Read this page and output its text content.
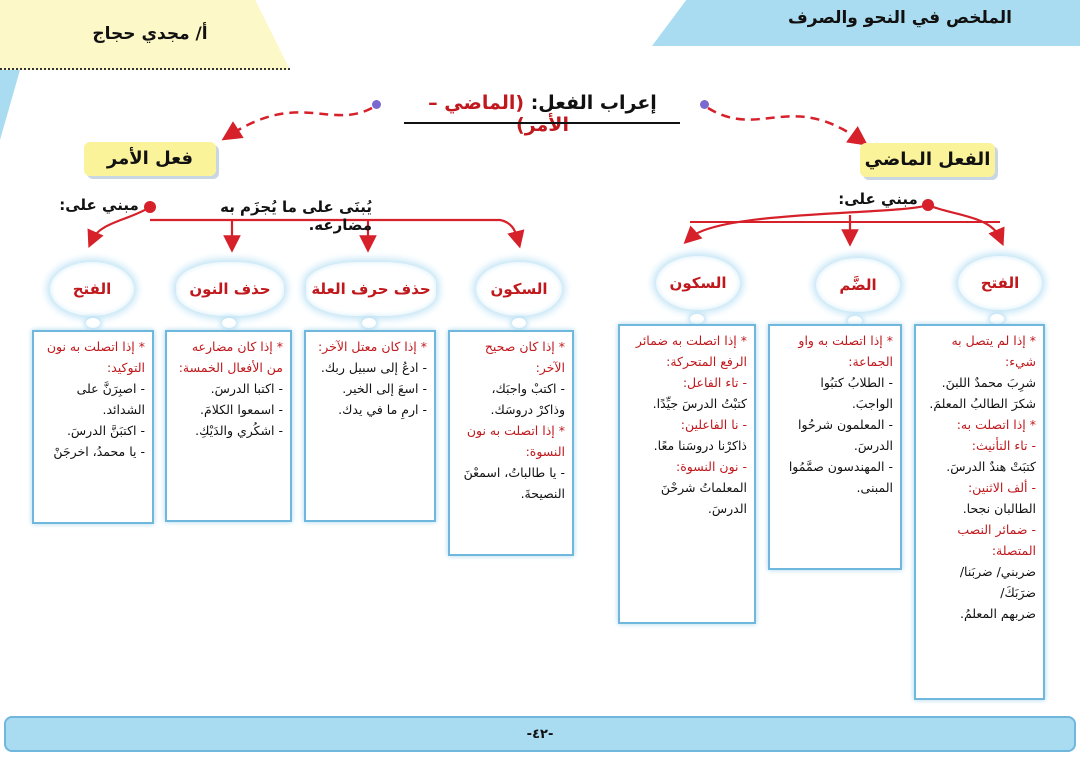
الملخص في النحو والصرف
أ/ مجدي حجاج
إعراب الفعل: (الماضي – الأمر)
الفعل الماضي
فعل الأمر
مبني على:
يُبنَى على ما يُجزَم به مضارعه.
مبني على:
الفتح
الضَّم
السكون
السكون
حذف حرف العلة
حذف النون
الفتح
* إذا لم يتصل به شيء:
شرِبَ محمدٌ اللبنَ.
شكرَ الطالبُ المعلمَ.
* إذا اتصلت به:
- تاء التأنيث:
كتبَتْ هندٌ الدرسَ.
- ألف الاثنين:
الطالبان نجحا.
- ضمائر النصب المتصلة:
ضربني/ ضربَنا/ ضرَبَكَ/
ضربهم المعلمُ.
* إذا اتصلت به واو الجماعة:
- الطلابُ كتبُوا الواجبَ.
- المعلمون شرحُوا الدرسَ.
- المهندسون صمَّمُوا المبنى.
* إذا اتصلت به ضمائر الرفع المتحركة:
- تاء الفاعل:
كتبْتُ الدرسَ جيِّدًا.
- نا الفاعلين:
ذاكرْنا دروسَنا معًا.
- نون النسوة:
المعلماتُ شرحْنَ الدرسَ.
* إذا كان صحيح الآخر:
- اكتبْ واجبَك،
وذاكرْ دروسَك.
* إذا اتصلت به نون النسوة:
- يا طالباتُ، اسمعْنَ النصيحةَ.
* إذا كان معتل الآخر:
- ادعُ إلى سبيل ربك.
- اسعَ إلى الخير.
- ارمِ ما في يدك.
* إذا كان مضارعه من الأفعال الخمسة:
- اكتبا الدرسَ.
- اسمعوا الكلامَ.
- اشكُري والدَيْكِ.
* إذا اتصلت به نون التوكيد:
- اصبِرَنَّ على الشدائد.
- اكتبَنَّ الدرسَ.
- يا محمدُ، اخرجَنْ
-٤٢-
